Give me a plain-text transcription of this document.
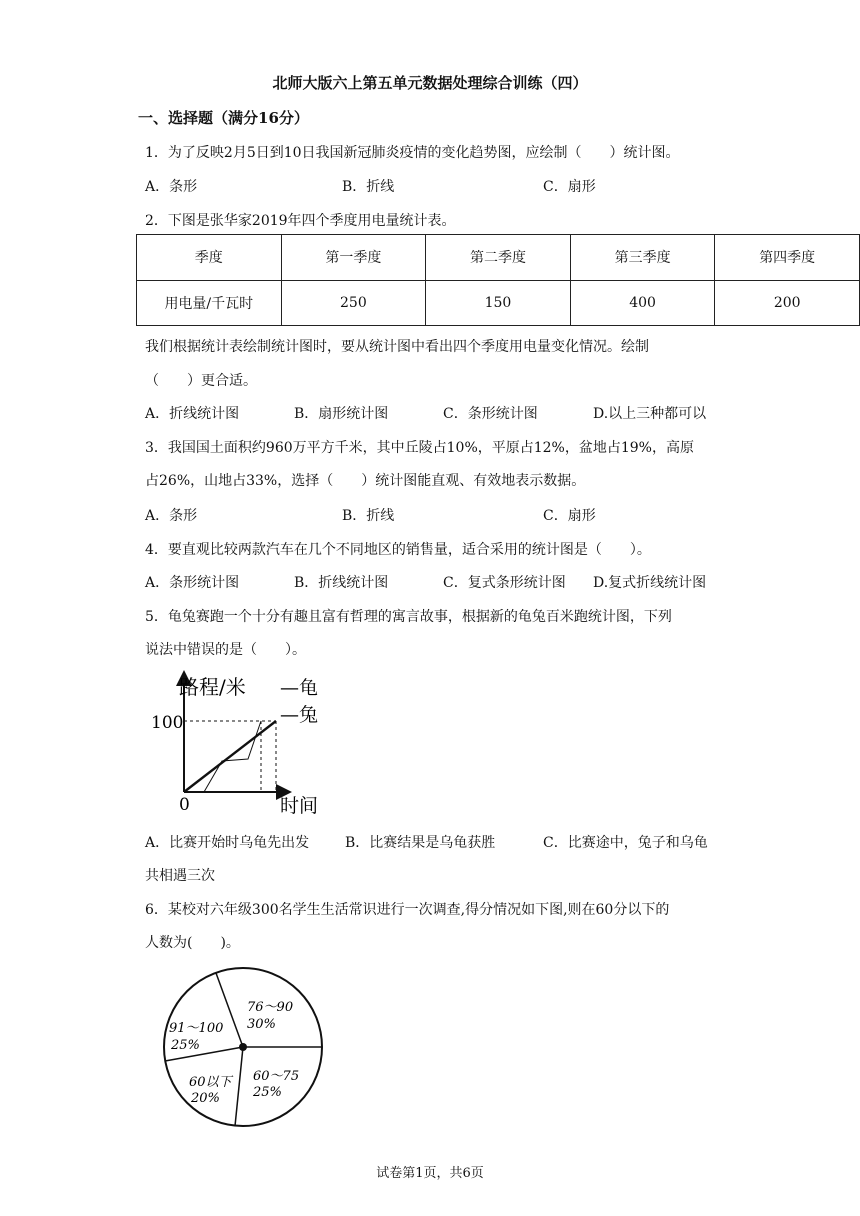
北师大版六上第五单元数据处理综合训练（四）
一、选择题（满分16分）
1．为了反映2月5日到10日我国新冠肺炎疫情的变化趋势图，应绘制（　　）统计图。
A．条形	B．折线	C．扇形
2．下图是张华家2019年四个季度用电量统计表。
季度	第一季度	第二季度	第三季度	第四季度
用电量/千瓦时	250	150	400	200
我们根据统计表绘制统计图时，要从统计图中看出四个季度用电量变化情况。绘制
（　　）更合适。
A．折线统计图	B．扇形统计图	C．条形统计图	D.以上三种都可以
3．我国国土面积约960万平方千米，其中丘陵占10%，平原占12%，盆地占19%，高原
占26%，山地占33%，选择（　　）统计图能直观、有效地表示数据。
A．条形	B．折线	C．扇形
4．要直观比较两款汽车在几个不同地区的销售量，适合采用的统计图是（　　）。
A．条形统计图	B．折线统计图	C．复式条形统计图 D.复式折线统计图
5．龟兔赛跑一个十分有趣且富有哲理的寓言故事，根据新的龟兔百米跑统计图，下列
说法中错误的是（　　）。
路程/米
100
0	时间
—龟
—兔
A．比赛开始时乌龟先出发	B．比赛结果是乌龟获胜	C．比赛途中，兔子和乌龟
共相遇三次
6．某校对六年级300名学生生活常识进行一次调查,得分情况如下图,则在60分以下的
人数为(　　)。
76～90
30%
60～75
25%
60以下
20%
91～100
25%
试卷第1页，共6页
